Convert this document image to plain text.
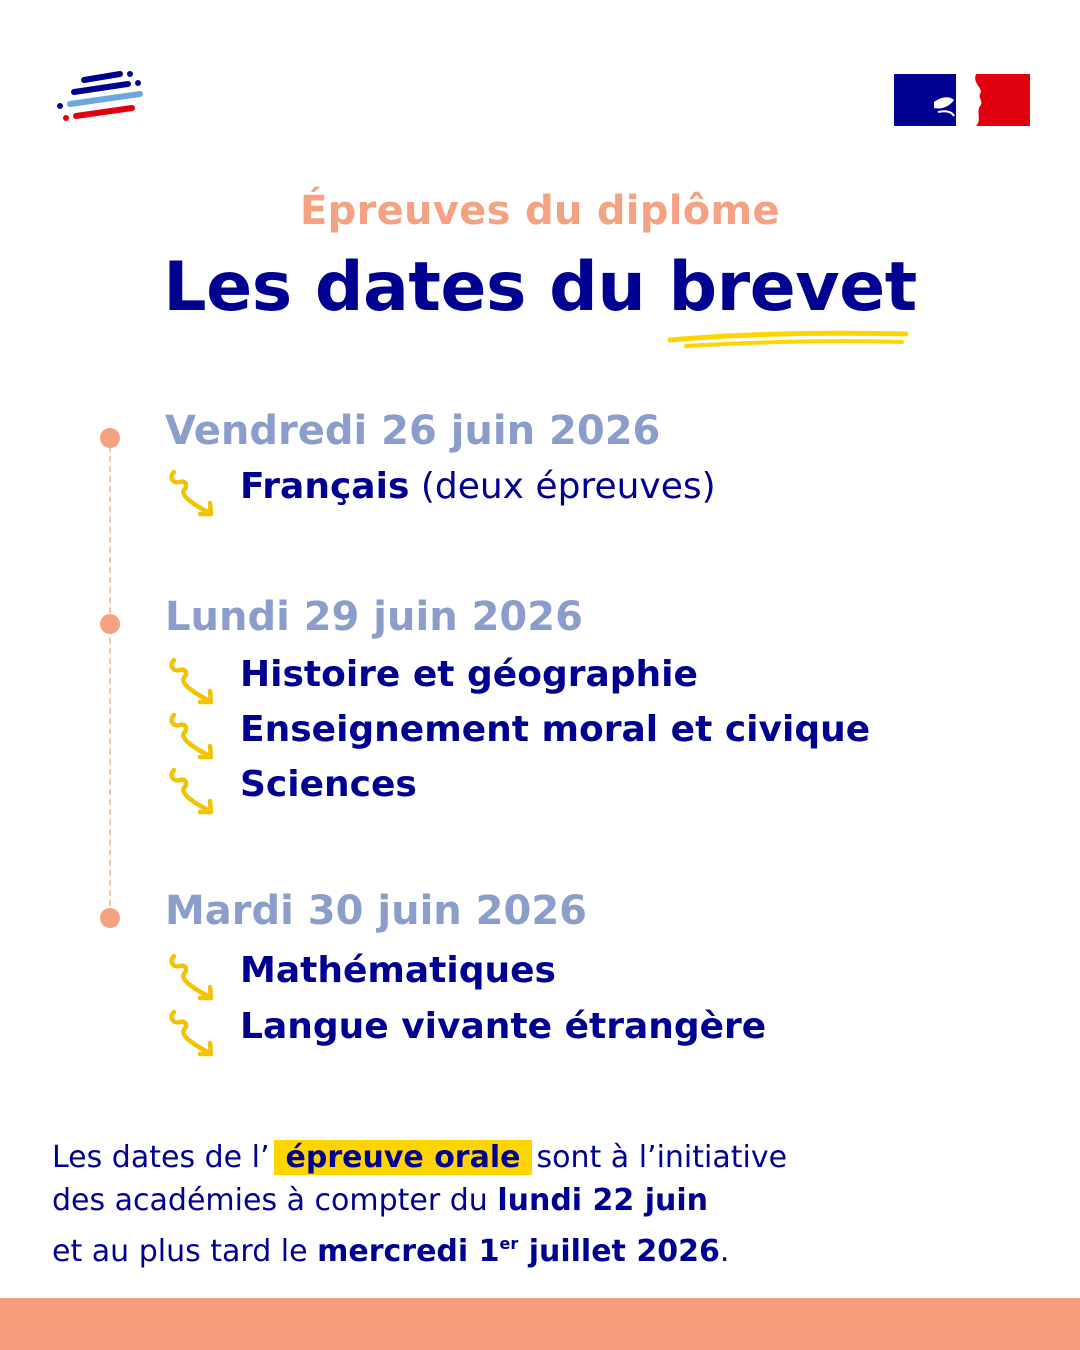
Épreuves du diplôme
Les dates du brevet
Vendredi 26 juin 2026
Français (deux épreuves)
Lundi 29 juin 2026
Histoire et géographie
Enseignement moral et civique
Sciences
Mardi 30 juin 2026
Mathématiques
Langue vivante étrangère
Les dates de l’ épreuve orale sont à l’initiative
des académies à compter du lundi 22 juin
et au plus tard le mercredi 1er juillet 2026.
